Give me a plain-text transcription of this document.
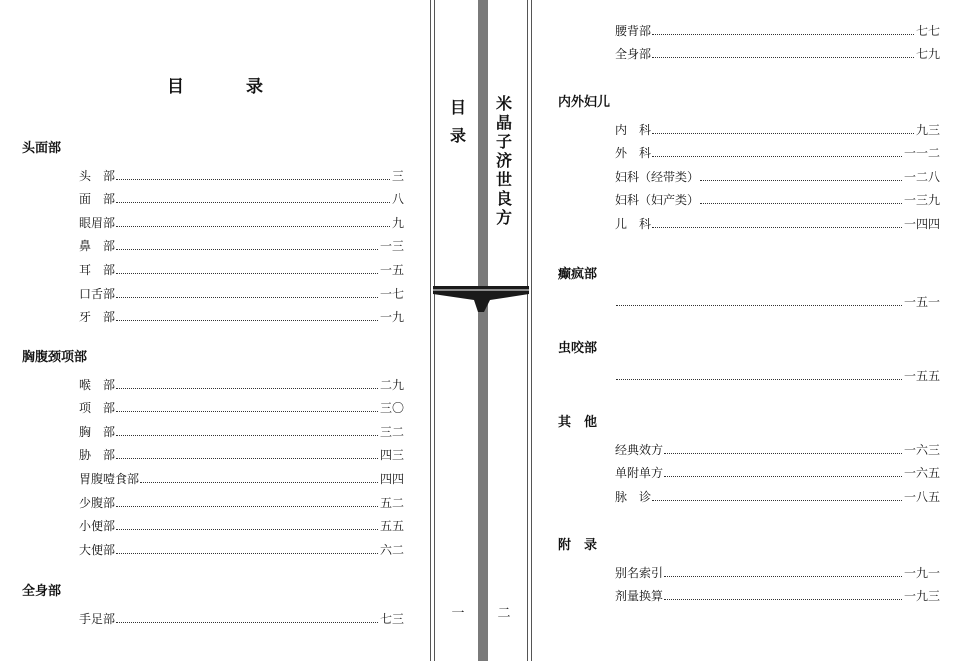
目 录
头面部
头　部	三
面　部	八
眼眉部	九
鼻　部	一三
耳　部	一五
口舌部	一七
牙　部	一九
胸腹颈项部
喉　部	二九
项　部	三〇
胸　部	三二
胁　部	四三
胃腹噎食部	四四
少腹部	五二
小便部	五五
大便部	六二
全身部
手足部	七三
目录
米晶子济世良方
一	二
腰背部	七七
全身部	七九
内外妇儿
内　科	九三
外　科	一一二
妇科（经带类）	一二八
妇科（妇产类）	一三九
儿　科	一四四
癫疯部
一五一
虫咬部
一五五
其　他
经典效方	一六三
单附单方	一六五
脉　诊	一八五
附　录
别名索引	一九一
剂量换算	一九三
